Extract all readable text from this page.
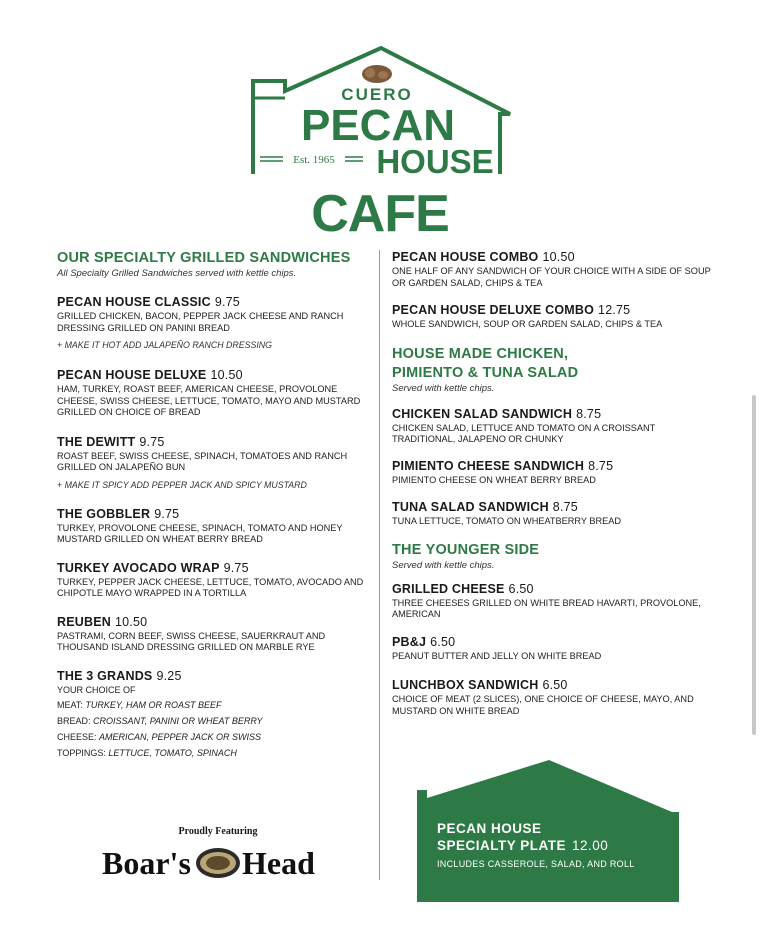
CUERO
PECAN
HOUSE
Est. 1965
CAFE
OUR SPECIALTY GRILLED SANDWICHES
All Specialty Grilled Sandwiches served with kettle chips.
PECAN HOUSE CLASSIC 9.75
GRILLED CHICKEN, BACON, PEPPER JACK CHEESE AND RANCH DRESSING GRILLED ON PANINI BREAD
+ MAKE IT HOT ADD JALAPEÑO RANCH DRESSING
PECAN HOUSE DELUXE 10.50
HAM, TURKEY, ROAST BEEF, AMERICAN CHEESE, PROVOLONE CHEESE, SWISS CHEESE, LETTUCE, TOMATO, MAYO AND MUSTARD GRILLED ON CHOICE OF BREAD
THE DEWITT 9.75
ROAST BEEF, SWISS CHEESE, SPINACH, TOMATOES AND RANCH GRILLED ON JALAPEÑO BUN
+ MAKE IT SPICY ADD PEPPER JACK AND SPICY MUSTARD
THE GOBBLER 9.75
TURKEY, PROVOLONE CHEESE, SPINACH, TOMATO AND HONEY MUSTARD GRILLED ON WHEAT BERRY BREAD
TURKEY AVOCADO WRAP 9.75
TURKEY, PEPPER JACK CHEESE, LETTUCE, TOMATO, AVOCADO AND CHIPOTLE MAYO WRAPPED IN A TORTILLA
REUBEN 10.50
PASTRAMI, CORN BEEF, SWISS CHEESE, SAUERKRAUT AND THOUSAND ISLAND DRESSING GRILLED ON MARBLE RYE
THE 3 GRANDS 9.25
YOUR CHOICE OF
MEAT: TURKEY, HAM OR ROAST BEEF
BREAD: CROISSANT, PANINI OR WHEAT BERRY
CHEESE: AMERICAN, PEPPER JACK OR SWISS
TOPPINGS: LETTUCE, TOMATO, SPINACH
Proudly Featuring
Boar's Head
PECAN HOUSE COMBO 10.50
ONE HALF OF ANY SANDWICH OF YOUR CHOICE WITH A SIDE OF SOUP OR GARDEN SALAD, CHIPS & TEA
PECAN HOUSE DELUXE COMBO 12.75
WHOLE SANDWICH, SOUP OR GARDEN SALAD, CHIPS & TEA
HOUSE MADE CHICKEN,
PIMIENTO & TUNA SALAD
Served with kettle chips.
CHICKEN SALAD SANDWICH 8.75
CHICKEN SALAD, LETTUCE AND TOMATO ON A CROISSANT TRADITIONAL, JALAPENO OR CHUNKY
PIMIENTO CHEESE SANDWICH 8.75
PIMIENTO CHEESE ON WHEAT BERRY BREAD
TUNA SALAD SANDWICH 8.75
TUNA LETTUCE, TOMATO ON WHEATBERRY BREAD
THE YOUNGER SIDE
Served with kettle chips.
GRILLED CHEESE 6.50
THREE CHEESES GRILLED ON WHITE BREAD HAVARTI, PROVOLONE, AMERICAN
PB&J 6.50
PEANUT BUTTER AND JELLY ON WHITE BREAD
LUNCHBOX SANDWICH 6.50
CHOICE OF MEAT (2 SLICES), ONE CHOICE OF CHEESE, MAYO, AND MUSTARD ON WHITE BREAD
PECAN HOUSE
SPECIALTY PLATE 12.00
INCLUDES CASSEROLE, SALAD, AND ROLL
